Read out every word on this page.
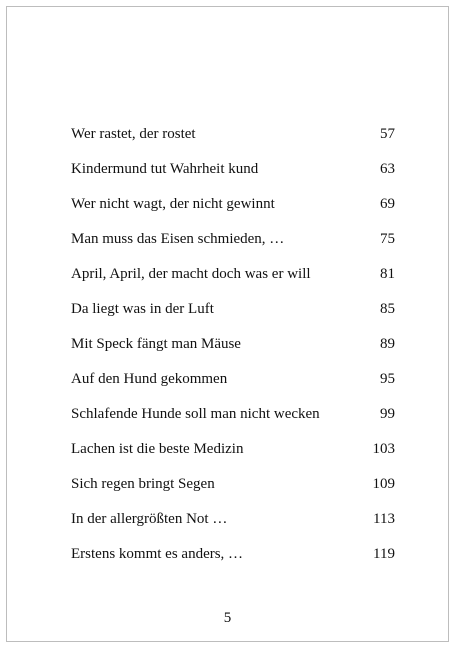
Wer rastet, der rostet	57
Kindermund tut Wahrheit kund	63
Wer nicht wagt, der nicht gewinnt	69
Man muss das Eisen schmieden, …	75
April, April, der macht doch was er will	81
Da liegt was in der Luft	85
Mit Speck fängt man Mäuse	89
Auf den Hund gekommen	95
Schlafende Hunde soll man nicht wecken	99
Lachen ist die beste Medizin	103
Sich regen bringt Segen	109
In der allergrößten Not …	113
Erstens kommt es anders, …	119
5
